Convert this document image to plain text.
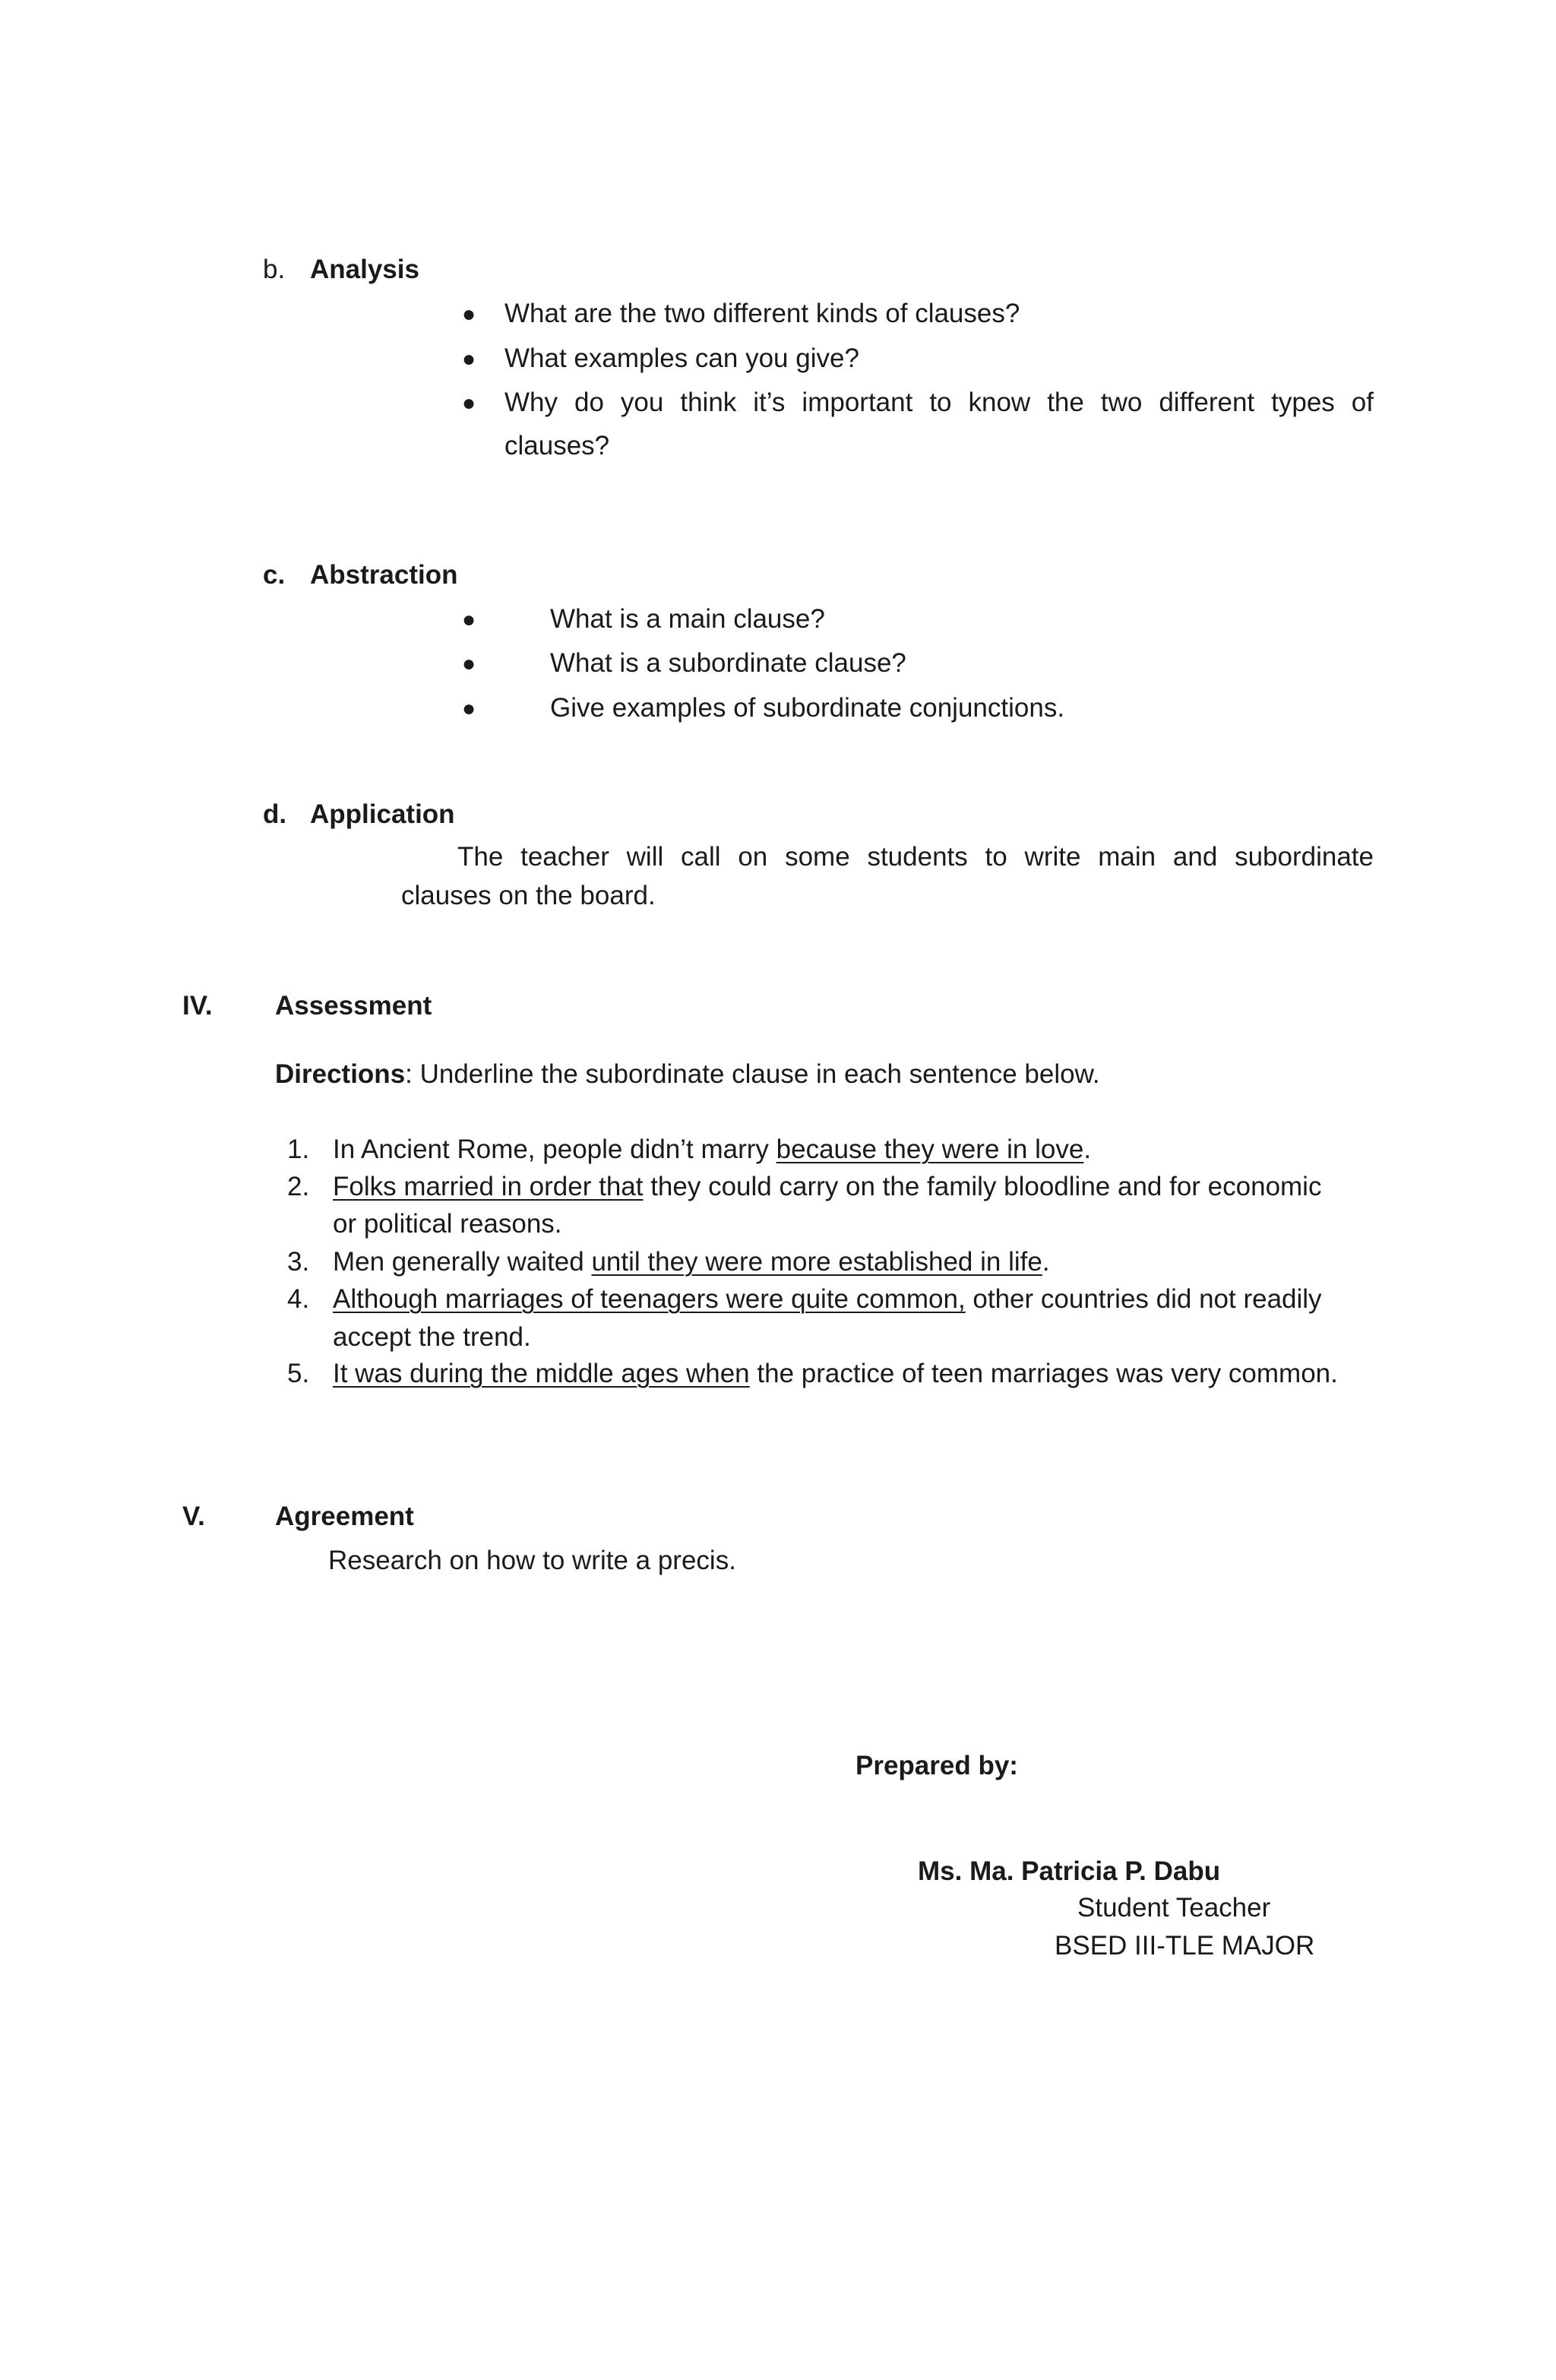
b. Analysis
● What are the two different kinds of clauses?
● What examples can you give?
● Why do you think it’s important to know the two different types of
clauses?
c. Abstraction
●	What is a main clause?
●	What is a subordinate clause?
●	Give examples of subordinate conjunctions.
d. Application
The teacher will call on some students to write main and subordinate
clauses on the board.
IV. Assessment
Directions: Underline the subordinate clause in each sentence below.
1. In Ancient Rome, people didn’t marry because they were in love.
2. Folks married in order that they could carry on the family bloodline and for economic
or political reasons.
3. Men generally waited until they were more established in life.
4. Although marriages of teenagers were quite common, other countries did not readily
accept the trend.
5. It was during the middle ages when the practice of teen marriages was very common.
V.	Agreement
Research on how to write a precis.
Prepared by:
Ms. Ma. Patricia P. Dabu
Student Teacher
BSED III-TLE MAJOR
